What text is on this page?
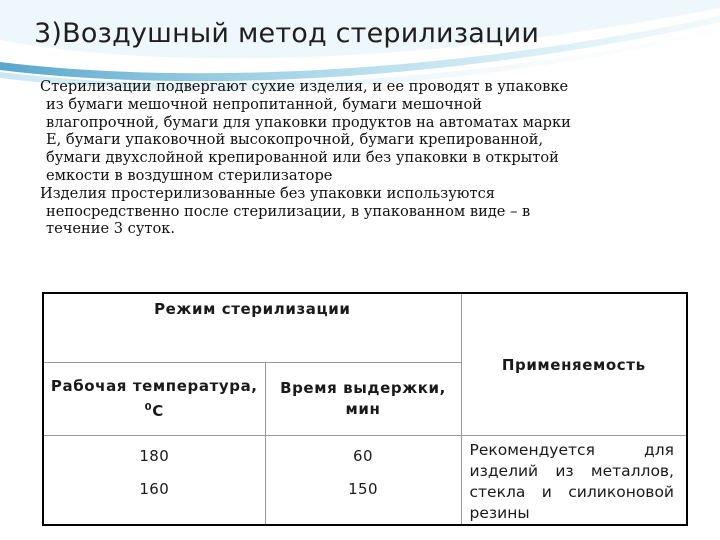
3)Воздушный метод стерилизации

Стерилизации подвергают сухие изделия, и ее проводят в упаковке
из бумаги мешочной непропитанной, бумаги мешочной
влагопрочной, бумаги для упаковки продуктов на автоматах марки
Е, бумаги упаковочной высокопрочной, бумаги крепированной,
бумаги двухслойной крепированной или без упаковки в открытой
емкости в воздушном стерилизаторе

Изделия простерилизованные без упаковки используются
непосредственно после стерилизации, в упакованном виде – в
течение 3 суток.

Режим стерилизации		Применяемость
Рабочая температура, $^0$С	Время выдержки, мин	
180	60	Рекомендуется для изделий из металлов, стекла и силиконовой резины
160	150	
